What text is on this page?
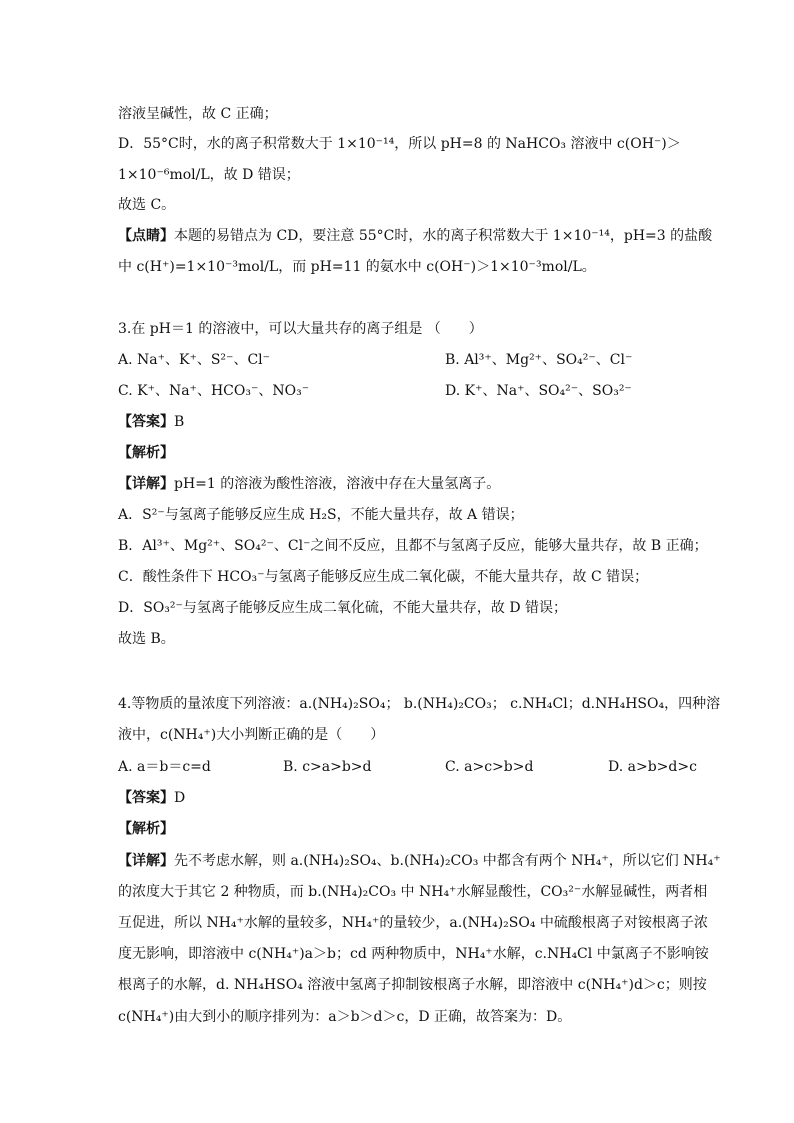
溶液呈碱性，故 C 正确；
D．55°C时，水的离子积常数大于 1×10⁻¹⁴，所以 pH=8 的 NaHCO₃ 溶液中 c(OH⁻)＞
1×10⁻⁶mol/L，故 D 错误；
故选 C。
【点睛】本题的易错点为 CD，要注意 55°C时，水的离子积常数大于 1×10⁻¹⁴，pH=3 的盐酸
中 c(H⁺)=1×10⁻³mol/L，而 pH=11 的氨水中 c(OH⁻)＞1×10⁻³mol/L。
3.在 pH＝1 的溶液中，可以大量共存的离子组是 （　　）
A. Na⁺、K⁺、S²⁻、Cl⁻	B. Al³⁺、Mg²⁺、SO₄²⁻、Cl⁻
C. K⁺、Na⁺、HCO₃⁻、NO₃⁻	D. K⁺、Na⁺、SO₄²⁻、SO₃²⁻
【答案】B
【解析】
【详解】pH=1 的溶液为酸性溶液，溶液中存在大量氢离子。
A．S²⁻与氢离子能够反应生成 H₂S，不能大量共存，故 A 错误；
B．Al³⁺、Mg²⁺、SO₄²⁻、Cl⁻之间不反应，且都不与氢离子反应，能够大量共存，故 B 正确；
C．酸性条件下 HCO₃⁻与氢离子能够反应生成二氧化碳，不能大量共存，故 C 错误；
D．SO₃²⁻与氢离子能够反应生成二氧化硫，不能大量共存，故 D 错误；
故选 B。
4.等物质的量浓度下列溶液：a.(NH₄)₂SO₄； b.(NH₄)₂CO₃； c.NH₄Cl；d.NH₄HSO₄，四种溶
液中，c(NH₄⁺)大小判断正确的是（　　）
A. a＝b＝c=d	B. c>a>b>d	C. a>c>b>d	D. a>b>d>c
【答案】D
【解析】
【详解】先不考虑水解，则 a.(NH₄)₂SO₄、b.(NH₄)₂CO₃ 中都含有两个 NH₄⁺，所以它们 NH₄⁺
的浓度大于其它 2 种物质，而 b.(NH₄)₂CO₃ 中 NH₄⁺水解显酸性，CO₃²⁻水解显碱性，两者相
互促进，所以 NH₄⁺水解的量较多，NH₄⁺的量较少，a.(NH₄)₂SO₄ 中硫酸根离子对铵根离子浓
度无影响，即溶液中 c(NH₄⁺)a＞b；cd 两种物质中，NH₄⁺水解，c.NH₄Cl 中氯离子不影响铵
根离子的水解，d. NH₄HSO₄ 溶液中氢离子抑制铵根离子水解，即溶液中 c(NH₄⁺)d＞c；则按
c(NH₄⁺)由大到小的顺序排列为：a＞b＞d＞c，D 正确，故答案为：D。
